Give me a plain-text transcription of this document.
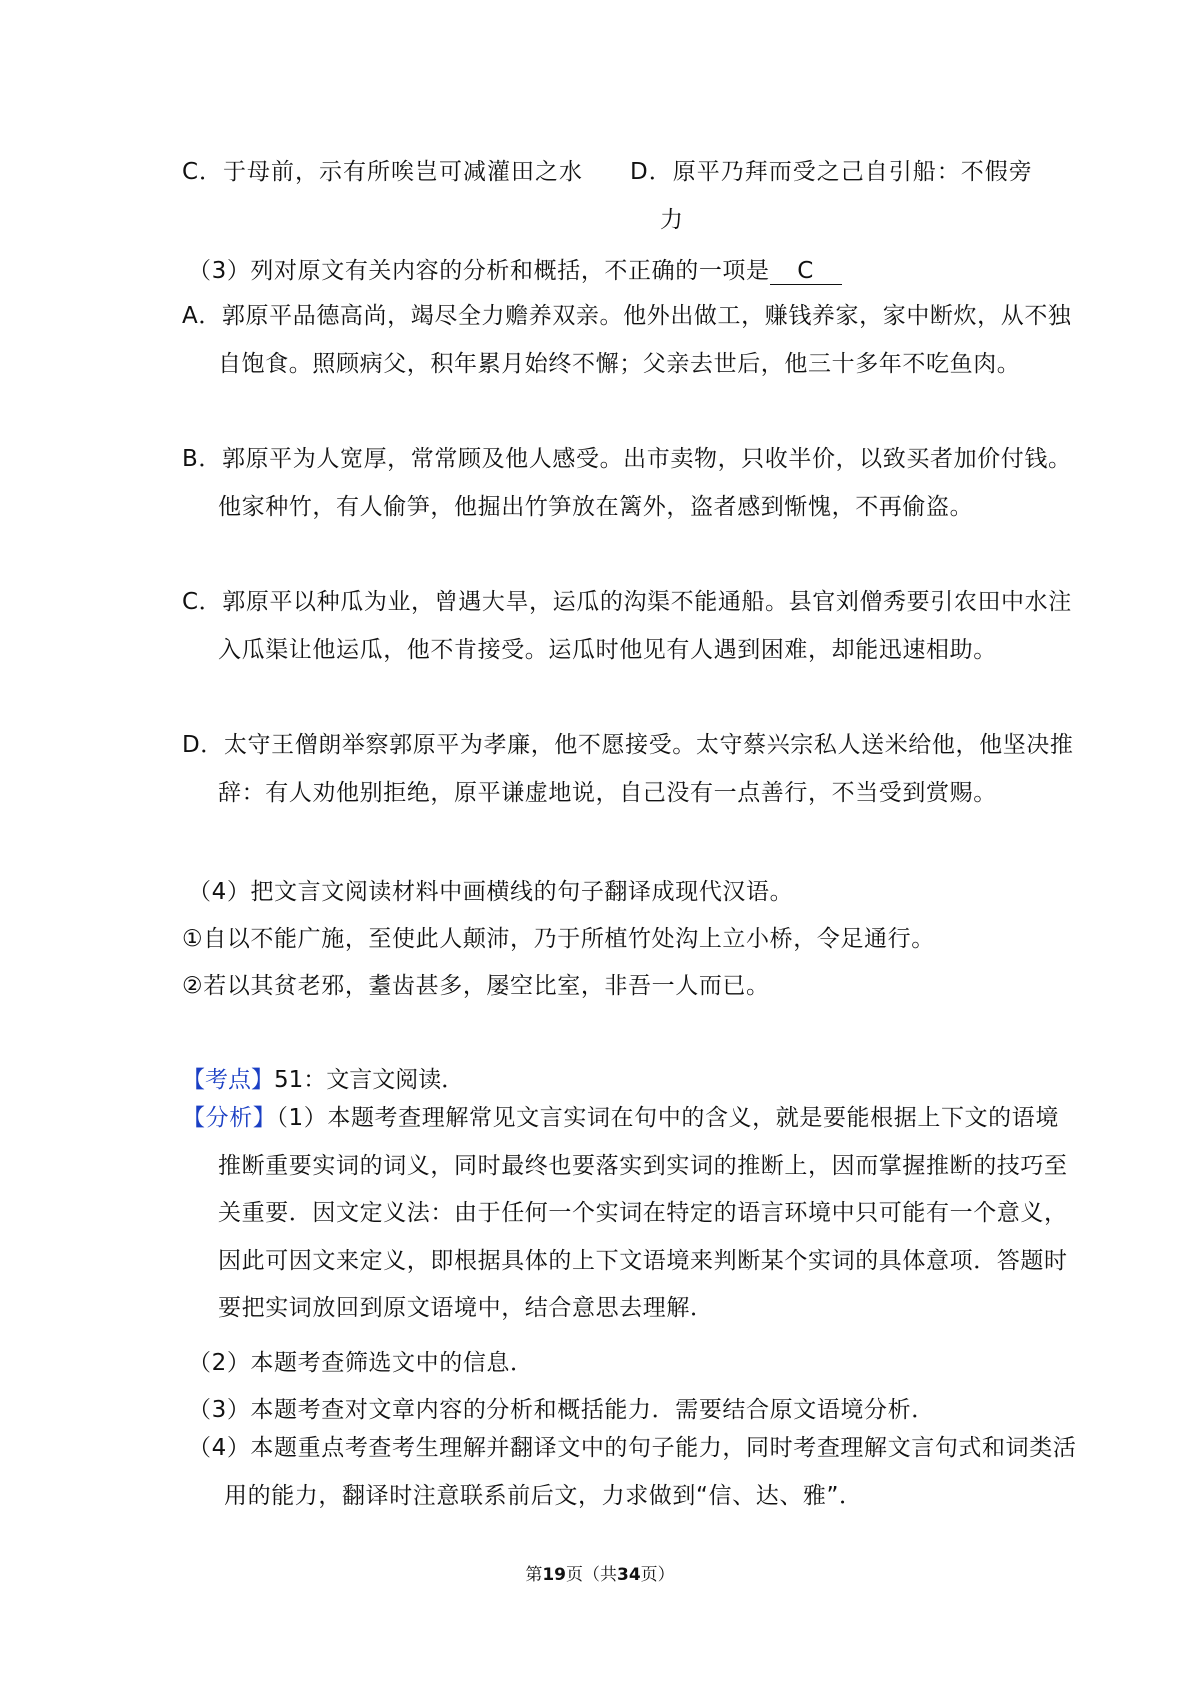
C．于母前，示有所唉岂可减灌田之水 D．原平乃拜而受之己自引船：不假旁
力
（3）列对原文有关内容的分析和概括，不正确的一项是 C
A．郭原平品德高尚，竭尽全力赡养双亲。他外出做工，赚钱养家，家中断炊，从不独自饱食。照顾病父，积年累月始终不懈；父亲去世后，他三十多年不吃鱼肉。
B．郭原平为人宽厚，常常顾及他人感受。出市卖物，只收半价，以致买者加价付钱。他家种竹，有人偷笋，他掘出竹笋放在篱外，盗者感到惭愧，不再偷盗。
C．郭原平以种瓜为业，曾遇大旱，运瓜的沟渠不能通船。县官刘僧秀要引农田中水注入瓜渠让他运瓜，他不肯接受。运瓜时他见有人遇到困难，却能迅速相助。
D．太守王僧朗举察郭原平为孝廉，他不愿接受。太守蔡兴宗私人送米给他，他坚决推辞：有人劝他别拒绝，原平谦虚地说，自己没有一点善行，不当受到赏赐。
（4）把文言文阅读材料中画横线的句子翻译成现代汉语。
①自以不能广施，至使此人颠沛，乃于所植竹处沟上立小桥，令足通行。
②若以其贫老邪，耋齿甚多，屡空比室，非吾一人而已。
【考点】51：文言文阅读．
【分析】（1）本题考查理解常见文言实词在句中的含义，就是要能根据上下文的语境推断重要实词的词义，同时最终也要落实到实词的推断上，因而掌握推断的技巧至关重要．因文定义法：由于任何一个实词在特定的语言环境中只可能有一个意义，因此可因文来定义，即根据具体的上下文语境来判断某个实词的具体意项．答题时要把实词放回到原文语境中，结合意思去理解．
（2）本题考查筛选文中的信息．
（3）本题考查对文章内容的分析和概括能力．需要结合原文语境分析．
（4）本题重点考查考生理解并翻译文中的句子能力，同时考查理解文言句式和词类活用的能力，翻译时注意联系前后文，力求做到“信、达、雅”．
第19页（共34页）
